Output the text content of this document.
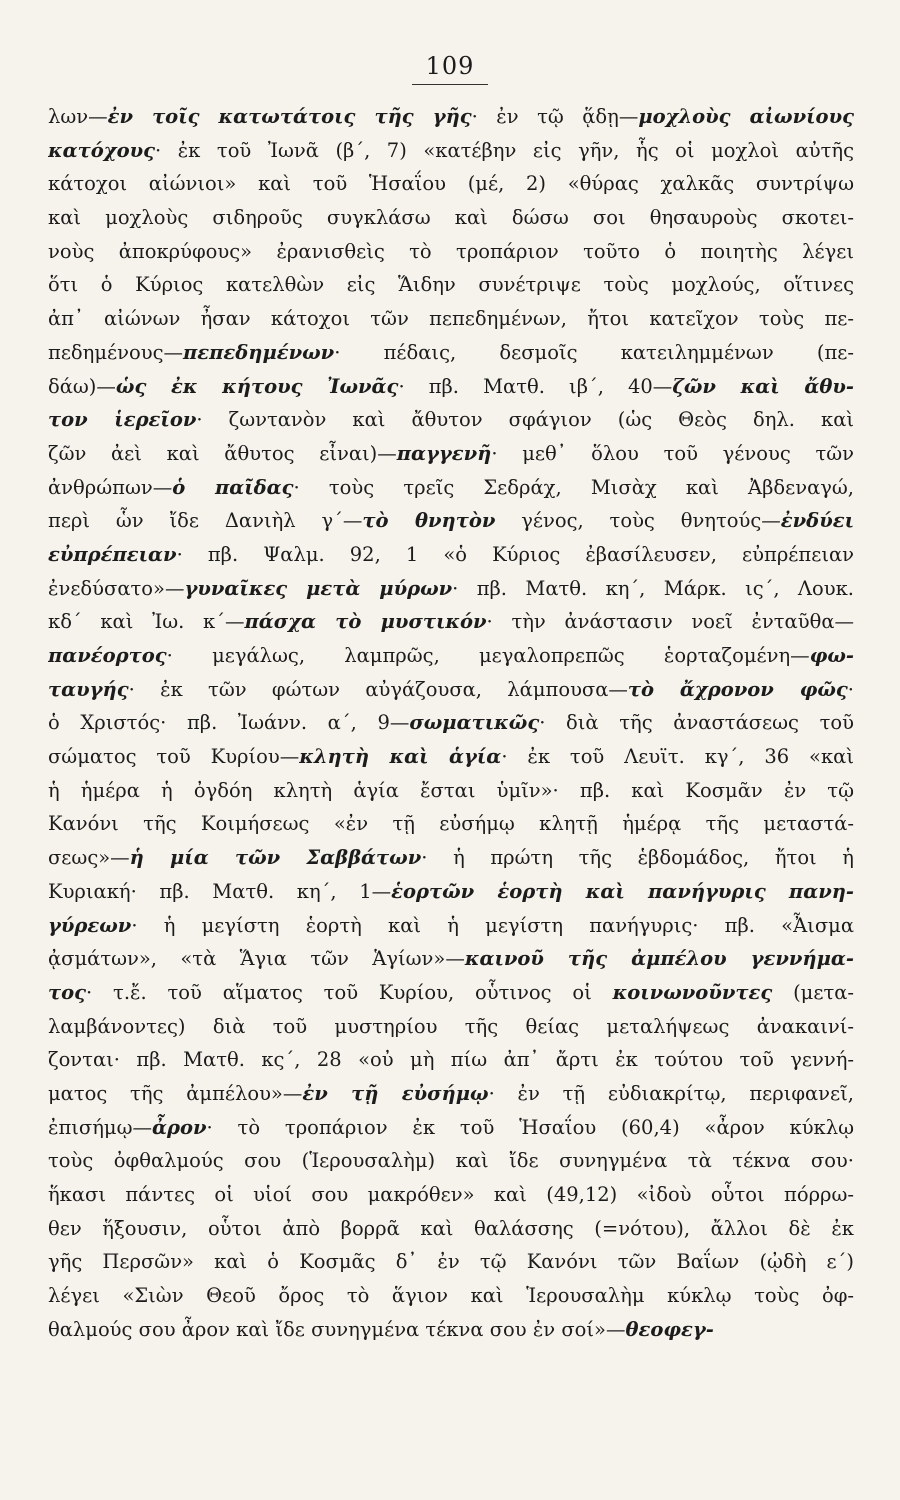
109
λων—ἐν τοῖς κατωτάτοις τῆς γῆς· ἐν τῷ ᾅδῃ—μοχλοὺς αἰωνίους
κατόχους· ἐκ τοῦ Ἰωνᾶ (β΄, 7) «κατέβην εἰς γῆν, ἧς οἱ μοχλοὶ αὐτῆς
κάτοχοι αἰώνιοι» καὶ τοῦ Ἡσαΐου (μέ, 2) «θύρας χαλκᾶς συντρίψω
καὶ μοχλοὺς σιδηροῦς συγκλάσω καὶ δώσω σοι θησαυροὺς σκοτει-
νοὺς ἀποκρύφους» ἐρανισθεὶς τὸ τροπάριον τοῦτο ὁ ποιητὴς λέγει
ὅτι ὁ Κύριος κατελθὼν εἰς Ἅιδην συνέτριψε τοὺς μοχλούς, οἵτινες
ἀπ᾽ αἰώνων ἦσαν κάτοχοι τῶν πεπεδημένων, ἤτοι κατεῖχον τοὺς πε-
πεδημένους—πεπεδημένων· πέδαις, δεσμοῖς κατειλημμένων (πε-
δάω)—ὡς ἐκ κήτους Ἰωνᾶς· πβ. Ματθ. ιβ΄, 40—ζῶν καὶ ἄθυ-
τον ἱερεῖον· ζωντανὸν καὶ ἄθυτον σφάγιον (ὡς Θεὸς δηλ. καὶ
ζῶν ἀεὶ καὶ ἄθυτος εἶναι)—παγγενῆ· μεθ᾽ ὅλου τοῦ γένους τῶν
ἀνθρώπων—ὁ παῖδας· τοὺς τρεῖς Σεδράχ, Μισὰχ καὶ Ἀβδεναγώ,
περὶ ὧν ἴδε Δανιὴλ γ΄—τὸ θνητὸν γένος, τοὺς θνητούς—ἐνδύει
εὐπρέπειαν· πβ. Ψαλμ. 92, 1 «ὁ Κύριος ἐβασίλευσεν, εὐπρέπειαν
ἐνεδύσατο»—γυναῖκες μετὰ μύρων· πβ. Ματθ. κη΄, Μάρκ. ις΄, Λουκ.
κδ΄ καὶ Ἰω. κ΄—πάσχα τὸ μυστικόν· τὴν ἀνάστασιν νοεῖ ἐνταῦθα—
πανέορτος· μεγάλως, λαμπρῶς, μεγαλοπρεπῶς ἑορταζομένη—φω-
ταυγής· ἐκ τῶν φώτων αὐγάζουσα, λάμπουσα—τὸ ἄχρονον φῶς·
ὁ Χριστός· πβ. Ἰωάνν. α΄, 9—σωματικῶς· διὰ τῆς ἀναστάσεως τοῦ
σώματος τοῦ Κυρίου—κλητὴ καὶ ἁγία· ἐκ τοῦ Λευϊτ. κγ΄, 36 «καὶ
ἡ ἡμέρα ἡ ὀγδόη κλητὴ ἁγία ἔσται ὑμῖν»· πβ. καὶ Κοσμᾶν ἐν τῷ
Κανόνι τῆς Κοιμήσεως «ἐν τῇ εὐσήμῳ κλητῇ ἡμέρᾳ τῆς μεταστά-
σεως»—ἡ μία τῶν Σαββάτων· ἡ πρώτη τῆς ἑβδομάδος, ἤτοι ἡ
Κυριακή· πβ. Ματθ. κη΄, 1—ἑορτῶν ἑορτὴ καὶ πανήγυρις πανη-
γύρεων· ἡ μεγίστη ἑορτὴ καὶ ἡ μεγίστη πανήγυρις· πβ. «Ἆισμα
ᾀσμάτων», «τὰ Ἅγια τῶν Ἁγίων»—καινοῦ τῆς ἀμπέλου γεννήμα-
τος· τ.ἔ. τοῦ αἵματος τοῦ Κυρίου, οὗτινος οἱ κοινωνοῦντες (μετα-
λαμβάνοντες) διὰ τοῦ μυστηρίου τῆς θείας μεταλήψεως ἀνακαινί-
ζονται· πβ. Ματθ. κς΄, 28 «οὐ μὴ πίω ἀπ᾽ ἄρτι ἐκ τούτου τοῦ γεννή-
ματος τῆς ἀμπέλου»—ἐν τῇ εὐσήμῳ· ἐν τῇ εὐδιακρίτῳ, περιφανεῖ,
ἐπισήμῳ—ἆρον· τὸ τροπάριον ἐκ τοῦ Ἡσαΐου (60,4) «ἆρον κύκλῳ
τοὺς ὀφθαλμούς σου (Ἱερουσαλὴμ) καὶ ἴδε συνηγμένα τὰ τέκνα σου·
ἥκασι πάντες οἱ υἱοί σου μακρόθεν» καὶ (49,12) «ἰδοὺ οὗτοι πόρρω-
θεν ἥξουσιν, οὗτοι ἀπὸ βορρᾶ καὶ θαλάσσης (=νότου), ἄλλοι δὲ ἐκ
γῆς Περσῶν» καὶ ὁ Κοσμᾶς δ᾽ ἐν τῷ Κανόνι τῶν Βαΐων (ᾠδὴ ε΄)
λέγει «Σιὼν Θεοῦ ὄρος τὸ ἅγιον καὶ Ἱερουσαλὴμ κύκλῳ τοὺς ὀφ-
θαλμούς σου ἆρον καὶ ἴδε συνηγμένα τέκνα σου ἐν σοί»—θεοφεγ-
